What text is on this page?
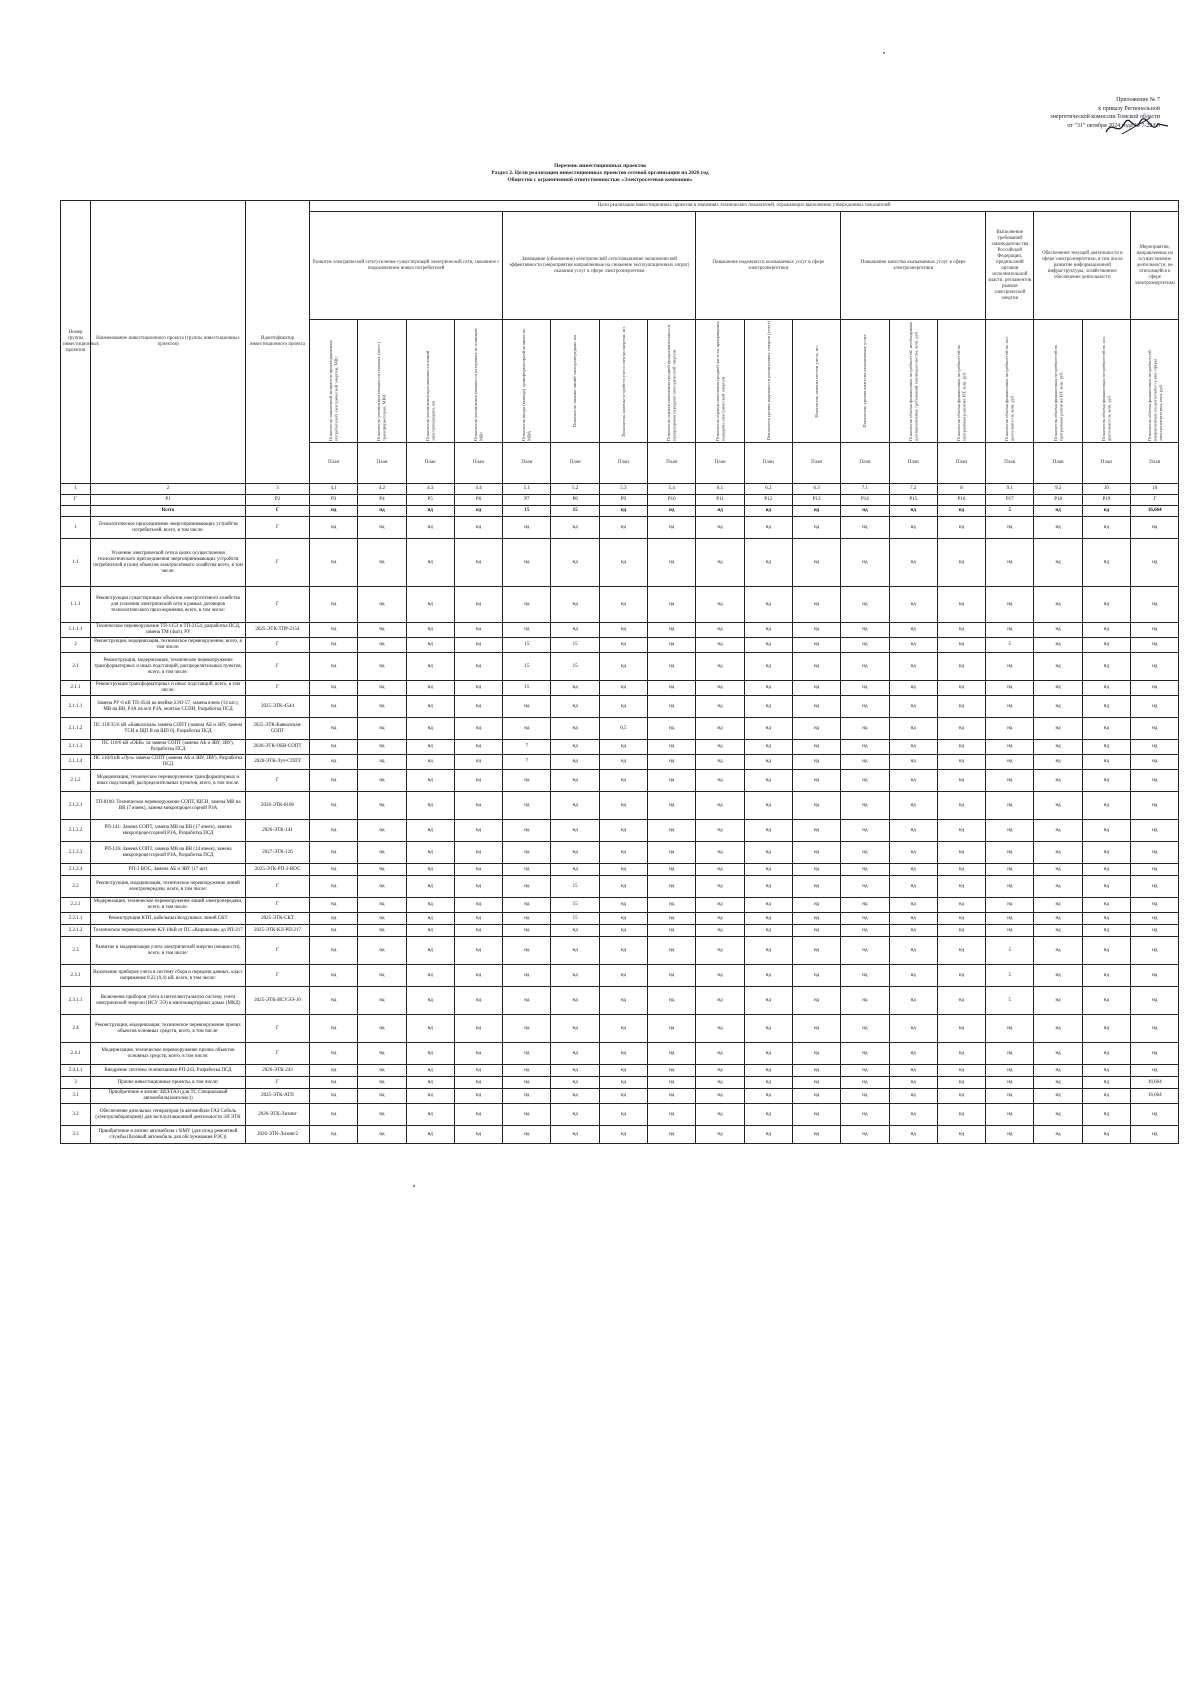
Приложение № 7
к приказу Региональной
энергетической комиссии Томской области
от "31" октября 2024 года № 7-22/63
Перечень инвестиционных проектов
Раздел 2. Цели реализации инвестиционных проектов сетевой организации на 2026 год
Общество с ограниченной ответственностью «Электросетевая компания»
Номер группы инвестиционных проектов	Наименование инвестиционного проекта (группы инвестиционных проектов)	Идентификатор инвестиционного проекта	Цели реализации инвестиционных проектов в значениях технических показателей, отражающих выполнение утвержденных показателей																	
			Развитие электрической сети/усиление существующей электрической сети, связанное с подключением новых потребителей				Замещение (обновление) электрической сети/повышение экономической эффективности (мероприятия направленные на снижение эксплуатационных затрат) оказания услуг в сфере электроэнергетики				Повышение надежности оказываемых услуг в сфере электроэнергетики			Повышение качества оказываемых услуг в сфере электроэнергетики			Выполнение требований законодательства Российской Федерации, предписаний органов исполнительной власти, регламентов рынков электрической энергии	Обеспечение текущей деятельности в сфере электроэнергетики, в том числе развитие информационной инфраструктуры, хозяйственное обеспечение деятельности		Мероприятия, направленные на осуществление деятельности, не относящейся к сфере электроэнергетики

			Показатель заявленной мощности присоединяемых потребителей электрической энергии, МВт	Показатель увеличения мощности силовых (авто-) трансформаторов, МВА	Показатель увеличения протяженности линий электропередачи, км	Показатель увеличения мощности резервных источников, МВт	Показатель ввода (вывода) трансформаторной мощности, МВА	Показатель замены линий электропередачи, км	Показатель замены устройств учета электроэнергии, шт.	Показатель оценки изменения средней продолжительности прекращения передачи электрической энергии	Показатель оценки изменения средней частоты прекращения передачи электрической энергии	Показатель уровня надежности реализуемых товаров (услуг)	Показатель замены систем учета, шт.	Показатель уровня качества оказываемых услуг	Показатель объема финансовых потребностей, необходимых для выполнения требований законодательства, млн. руб.	Показатель объема финансовых потребностей по программам развития ИТ, млн. руб.	Показатель объема финансовых потребностей по хоз. деятельности, млн. руб.	Показатель объема финансовых потребностей по программам развития ИТ, млн. руб.	Показатель объема финансовых потребностей по хоз. деятельности, млн. руб.	Показатель объема финансовых потребностей, направленных на деятельность вне сферы электроэнергетики, млн. руб.

			План	План	План	План	План	План	План	План	План	План	План	План	План	План	План	План	План	План
1	2	3	4.1	4.2	4.3	4.4	5.1	5.2	5.3	5.4	6.1	6.2	6.3	7.1	7.2	8	9.1	9.2	10	10
Г	Р1	Р2	Р3	Р4	Р5	Р6	Р7	Р8	Р9	Р10	Р11	Р12	Р13	Р14	Р15	Р16	Р17	Р18	Р19	Г
	Всего	Г	нд	нд	нд	нд	15	15	нд	нд	нд	нд	нд	нд	нд	нд	5	нд	нд	16,664
1	Технологическое присоединение энергопринимающих устройств потребителей, всего, в том числе:	Г	нд	нд	нд	нд	нд	нд	нд	нд	нд	нд	нд	нд	нд	нд	нд	нд	нд	нд
1.1	Усиление электрической сети в целях осуществления технологического присоединения энергопринимающих устройств потребителей в (или) объектов электросетевого хозяйства всего, в том числе:	Г	нд	нд	нд	нд	нд	нд	нд	нд	нд	нд	нд	нд	нд	нд	нд	нд	нд	нд
1.1.1	Реконструкция существующих объектов электросетевого хозяйства для усиления электрической сети в рамках договоров технологического присоединения, всего, в том числе:	Г	нд	нд	нд	нд	нд	нд	нд	нд	нд	нд	нд	нд	нд	нд	нд	нд	нд	нд
1.1.1.1	Техническое перевооружение ТП-1153 и ТП-2154, разработка ПСД, замена ТМ (4шт), РУ	2025-ЭТК-ТПР-2154	нд	нд	нд	нд	нд	нд	нд	нд	нд	нд	нд	нд	нд	нд	нд	нд	нд	нд
2	Реконструкция, модернизация, техническое перевооружение, всего, в том числе:	Г	нд	нд	нд	нд	15	15	нд	нд	нд	нд	нд	нд	нд	нд	5	нд	нд	нд
2.1	Реконструкция, модернизация, техническое перевооружение трансформаторных и иных подстанций, распределительных пунктов, всего, в том числе:	Г	нд	нд	нд	нд	15	15	нд	нд	нд	нд	нд	нд	нд	нд	нд	нд	нд	нд
2.1.1	Реконструкция трансформаторных и иных подстанций, всего, в том числе:	Г	нд	нд	нд	нд	15	нд	нд	нд	нд	нд	нд	нд	нд	нд	нд	нд	нд	нд
2.1.1.1	Замена РУ-6 кВ ТП-4544 на ячейки 2ЭО-57, замена ячеек (14 шт.), МВ на ВВ, РЗА на м/п РЗА, монтаж ССПИ, Разработка ПСД	2025-ЭТК-4544	нд	нд	нд	нд	нд	нд	нд	нд	нд	нд	нд	нд	нд	нд	нд	нд	нд	нд
2.1.1.2	ПС 110/35/6 кВ «Кавказская» замена СОПТ (замена АБ и ЗВУ, замена ТСН и ЩП В на ЩП 0), Разработка ПСД	2025-ЭТК-Кавказская-СОПТ	нд	нд	нд	нд	нд	нд	0,5	нд	нд	нд	нд	нд	нд	нд	нд	нд	нд	нд
2.1.1.3	ПС 110/6 кВ «ОБВ» 1я замена СОПТ (замена АБ и ЗВУ, ЗВУ), Разработка ПСД	2026-ЭТК-ОБВ-СОПТ	нд	нд	нд	нд	7	нд	нд	нд	нд	нд	нд	нд	нд	нд	нд	нд	нд	нд
2.1.1.4	ПС 110/6 кВ «Луч» замена СОПТ (замена АБ и ЗВУ, ЗВУ), Разработка ПСД	2026-ЭТК-Луч-СОПТ	нд	нд	нд	нд	7	нд	нд	нд	нд	нд	нд	нд	нд	нд	нд	нд	нд	нд
2.1.2	Модернизация, техническое перевооружение трансформаторных и иных подстанций, распределительных пунктов, всего, в том числе:	Г	нд	нд	нд	нд	нд	нд	нд	нд	нд	нд	нд	нд	нд	нд	нд	нд	нд	нд
2.1.2.1	ТП-8106: Техническое перевооружение СОПТ, ЩСН, замена МВ на ВВ (7 ячеек), замена микропроцессорной РЗА	2026-ЭТК-8106	нд	нд	нд	нд	нд	нд	нд	нд	нд	нд	нд	нд	нд	нд	нд	нд	нд	нд
2.1.2.2	РП-141: Замена СОПТ, замена МВ на ВВ (17 ячеек), замена микропроцессорной РЗА, Разработка ПСД	2026-ЭТК-141	нд	нд	нд	нд	нд	нд	нд	нд	нд	нд	нд	нд	нд	нд	нд	нд	нд	нд
2.1.2.3	РП-126: Замена СОПТ, замена МВ на ВВ (14 ячеек), замена микропроцессорной РЗА, Разработка ПСД	2027-ЭТК-126	нд	нд	нд	нд	нд	нд	нд	нд	нд	нд	нд	нд	нд	нд	нд	нд	нд	нд
2.1.2.4	РП-3 ВОС, Замена АБ и ЗВУ (17 шт)	2025-ЭТК-РП-3-ВОС	нд	нд	нд	нд	нд	нд	нд	нд	нд	нд	нд	нд	нд	нд	нд	нд	нд	нд
2.2	Реконструкция, модернизация, техническое перевооружение линий электропередачи, всего, в том числе:	Г	нд	нд	нд	нд	нд	15	нд	нд	нд	нд	нд	нд	нд	нд	нд	нд	нд	нд
2.2.1	Модернизация, техническое перевооружение линий электропередачи, всего, в том числе:	Г	нд	нд	нд	нд	нд	15	нд	нд	нд	нд	нд	нд	нд	нд	нд	нд	нд	нд
2.2.1.1	Реконструкция КТП, кабельных/воздушных линий СКТ	2025-ЭТК-СКТ	нд	нд	нд	нд	нд	15	нд	нд	нд	нд	нд	нд	нд	нд	нд	нд	нд	нд
2.2.1.2	Техническое перевооружение КЛ-10кВ от ПС «Кировская» до РП-217	2025-ЭТК-КЛ-РП-217	нд	нд	нд	нд	нд	нд	нд	нд	нд	нд	нд	нд	нд	нд	нд	нд	нд	нд
2.3	Развитие и модернизация учета электрической энергии (мощности), всего, в том числе:	Г	нд	нд	нд	нд	нд	нд	нд	нд	нд	нд	нд	нд	нд	нд	5	нд	нд	нд
2.3.1	Включение приборов учета в систему сбора и передачи данных, класс напряжения 0,22 (0,4) кВ, всего, в том числе:	Г	нд	нд	нд	нд	нд	нд	нд	нд	нд	нд	нд	нд	нд	нд	5	нд	нд	нд
2.3.1.1	Включение приборов учета в интеллектуальную систему учета электрической энергии (ИСУ ЭЭ) в многоквартирных домах (МКД)	2025-ЭТК-ИСУЭЭ-10	нд	нд	нд	нд	нд	нд	нд	нд	нд	нд	нд	нд	нд	нд	5	нд	нд	нд
2.4	Реконструкция, модернизация, техническое перевооружение прочих объектов основных средств, всего, в том числе:	Г	нд	нд	нд	нд	нд	нд	нд	нд	нд	нд	нд	нд	нд	нд	нд	нд	нд	нд
2.4.1	Модернизация, техническое перевооружение прочих объектов основных средств, всего, в том числе:	Г	нд	нд	нд	нд	нд	нд	нд	нд	нд	нд	нд	нд	нд	нд	нд	нд	нд	нд
2.4.1.1	Внедрение системы телемеханики РП-243, Разработка ПСД	2026-ЭТК-243	нд	нд	нд	нд	нд	нд	нд	нд	нд	нд	нд	нд	нд	нд	нд	нд	нд	нд
3	Прочие инвестиционные проекты, в том числе:	Г	нд	нд	нд	нд	нд	нд	нд	нд	нд	нд	нд	нд	нд	нд	нд	нд	нд	16,664
3.1	Приобретение в лизинг ЗИЛ/ГАЗ (для ТС Специальный автомобиль(комплекс))	2025-ЭТК-АТП	нд	нд	нд	нд	нд	нд	нд	нд	нд	нд	нд	нд	нд	нд	нд	нд	нд	16,664
3.2	Обеспечение дизельных генераторов (в автомобиле ГАЗ Соболь (электролаборатория)) для эксплуатационной деятельности ЭЛ ЭТК	2026-ЭТК-Лизинг	нд	нд	нд	нд	нд	нд	нд	нд	нд	нд	нд	нд	нд	нд	нд	нд	нд	нд
3.3	Приобретение в лизинг автомобиля с КМУ (для нужд ремонтной службы (базовый автомобиль для обслуживания РЭС))	2026-ЭТК-Лизинг2	нд	нд	нд	нд	нд	нд	нд	нд	нд	нд	нд	нд	нд	нд	нд	нд	нд	нд
